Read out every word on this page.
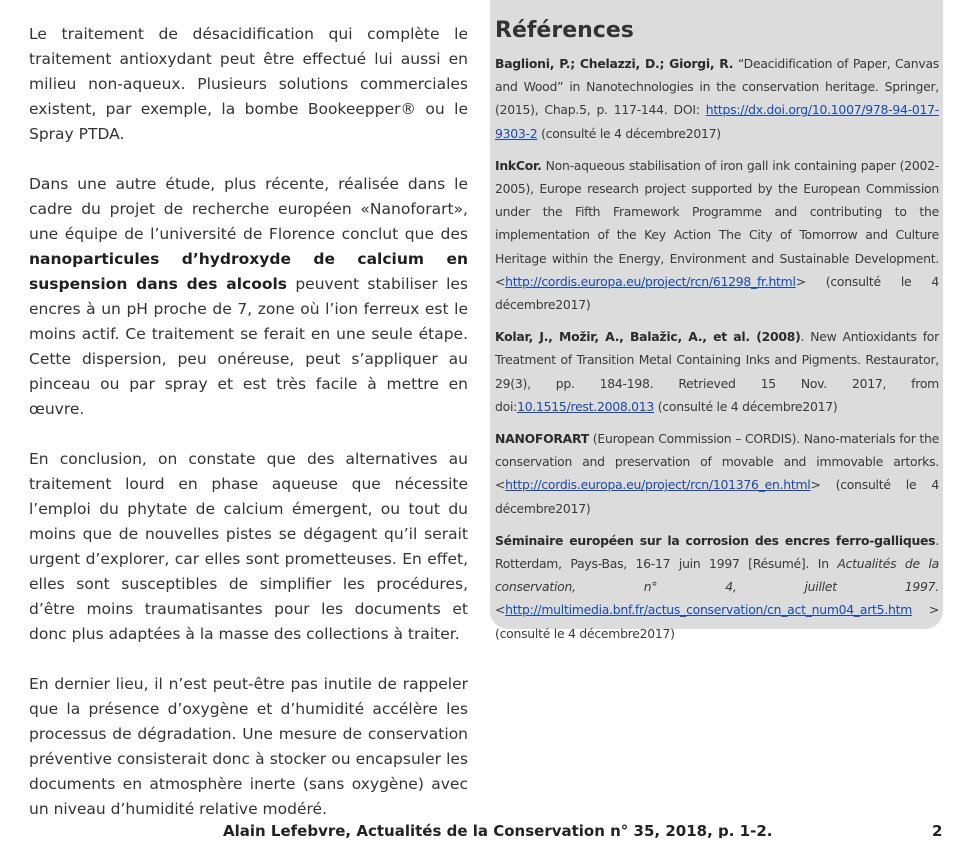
Le traitement de désacidification qui complète le traitement antioxydant peut être effectué lui aussi en milieu non-aqueux. Plusieurs solutions commerciales existent, par exemple, la bombe Bookeepper® ou le Spray PTDA.

Dans une autre étude, plus récente, réalisée dans le cadre du projet de recherche européen «Nanoforart», une équipe de l’université de Florence conclut que des nanoparticules d’hydroxyde de calcium en suspension dans des alcools peuvent stabiliser les encres à un pH proche de 7, zone où l’ion ferreux est le moins actif. Ce traitement se ferait en une seule étape. Cette dispersion, peu onéreuse, peut s’appliquer au pinceau ou par spray et est très facile à mettre en œuvre.

En conclusion, on constate que des alternatives au traitement lourd en phase aqueuse que nécessite l’emploi du phytate de calcium émergent, ou tout du moins que de nouvelles pistes se dégagent qu’il serait urgent d’explorer, car elles sont prometteuses. En effet, elles sont susceptibles de simplifier les procédures, d’être moins traumatisantes pour les documents et donc plus adaptées à la masse des collections à traiter.

En dernier lieu, il n’est peut-être pas inutile de rappeler que la présence d’oxygène et d’humidité accélère les processus de dégradation. Une mesure de conservation préventive consisterait donc à stocker ou encapsuler les documents en atmosphère inerte (sans oxygène) avec un niveau d’humidité relative modéré.

Références
Baglioni, P.; Chelazzi, D.; Giorgi, R. “Deacidification of Paper, Canvas and Wood” in Nanotechnologies in the conservation heritage. Springer, (2015), Chap.5, p. 117-144. DOI: https://dx.doi.org/10.1007/978-94-017-9303-2 (consulté le 4 décembre2017)
InkCor. Non-aqueous stabilisation of iron gall ink containing paper (2002-2005), Europe research project supported by the European Commission under the Fifth Framework Programme and contributing to the implementation of the Key Action The City of Tomorrow and Culture Heritage within the Energy, Environment and Sustainable Development. <http://cordis.europa.eu/project/rcn/61298_fr.html> (consulté le 4 décembre2017)
Kolar, J., Možir, A., Balažic, A., et al. (2008). New Antioxidants for Treatment of Transition Metal Containing Inks and Pigments. Restaurator, 29(3), pp. 184-198. Retrieved 15 Nov. 2017, from doi:10.1515/rest.2008.013 (consulté le 4 décembre2017)
NANOFORART (European Commission – CORDIS). Nano-materials for the conservation and preservation of movable and immovable artorks. <http://cordis.europa.eu/project/rcn/101376_en.html> (consulté le 4 décembre2017)
Séminaire européen sur la corrosion des encres ferro-galliques. Rotterdam, Pays-Bas, 16-17 juin 1997 [Résumé]. In Actualités de la conservation, n° 4, juillet 1997. <http://multimedia.bnf.fr/actus_conservation/cn_act_num04_art5.htm >(consulté le 4 décembre2017)
Alain Lefebvre, Actualités de la Conservation n° 35, 2018, p. 1-2.	2
